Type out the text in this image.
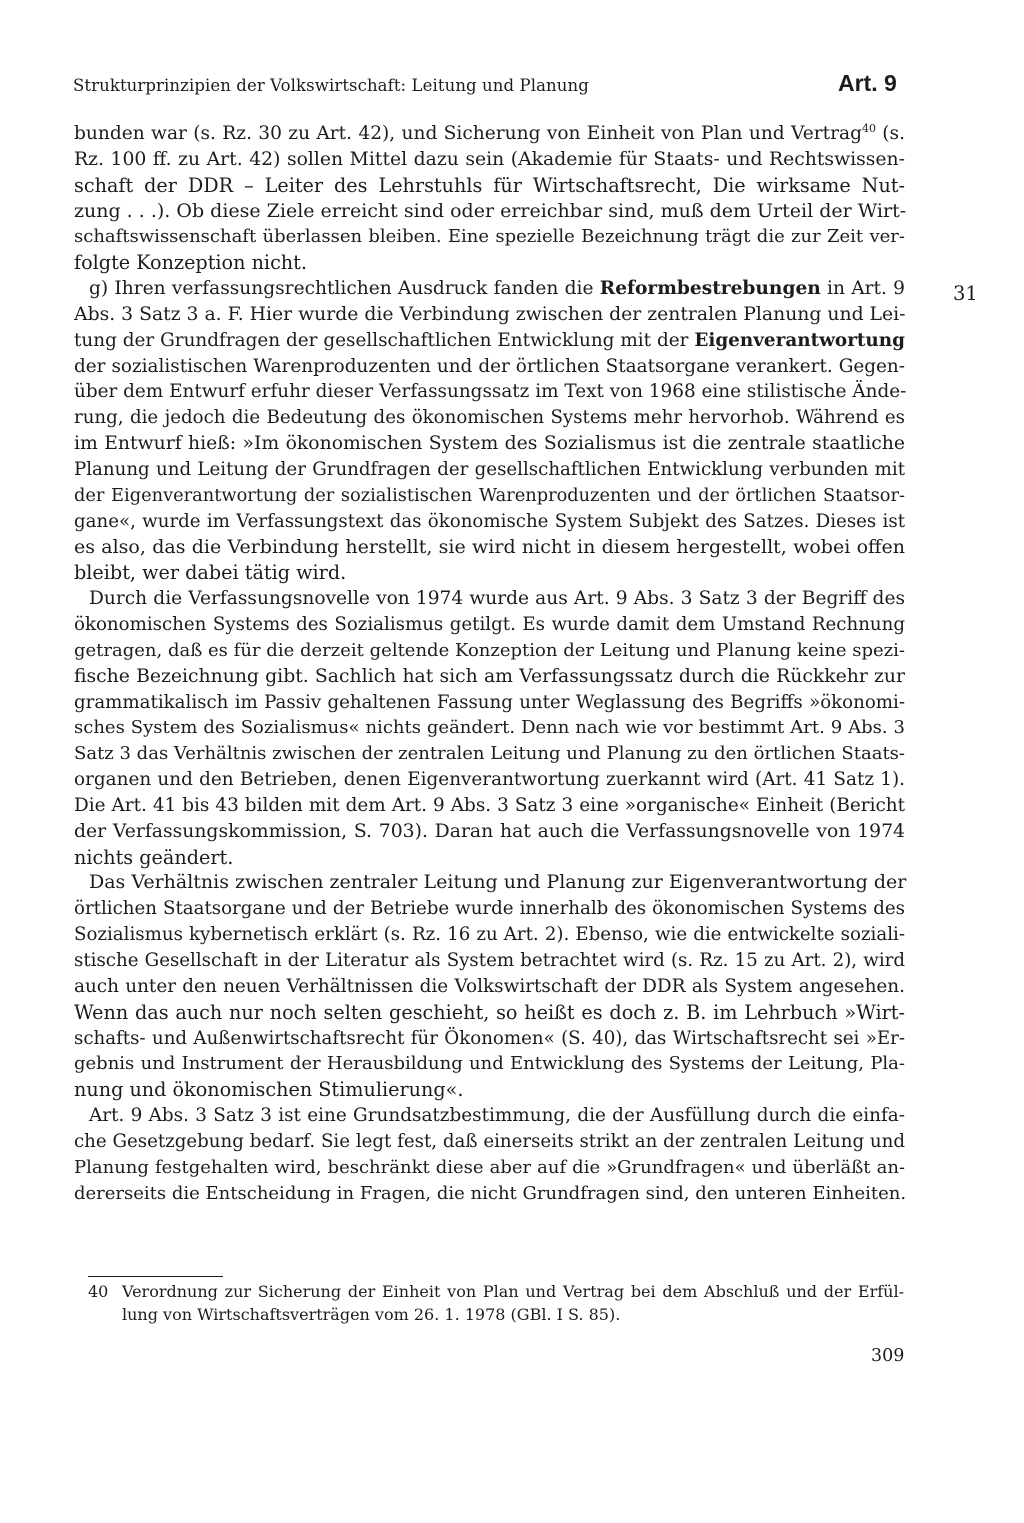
Strukturprinzipien der Volkswirtschaft: Leitung und Planung	Art. 9
bunden war (s. Rz. 30 zu Art. 42), und Sicherung von Einheit von Plan und Vertrag$^{40}$ (s.
Rz. 100 ff. zu Art. 42) sollen Mittel dazu sein (Akademie für Staats- und Rechtswissen-
schaft der DDR – Leiter des Lehrstuhls für Wirtschaftsrecht, Die wirksame Nut-
zung . . .). Ob diese Ziele erreicht sind oder erreichbar sind, muß dem Urteil der Wirt-
schaftswissenschaft überlassen bleiben. Eine spezielle Bezeichnung trägt die zur Zeit ver-
folgte Konzeption nicht.
g) Ihren verfassungsrechtlichen Ausdruck fanden die Reformbestrebungen in Art. 9
Abs. 3 Satz 3 a. F. Hier wurde die Verbindung zwischen der zentralen Planung und Lei-
tung der Grundfragen der gesellschaftlichen Entwicklung mit der Eigenverantwortung
der sozialistischen Warenproduzenten und der örtlichen Staatsorgane verankert. Gegen-
über dem Entwurf erfuhr dieser Verfassungssatz im Text von 1968 eine stilistische Ände-
rung, die jedoch die Bedeutung des ökonomischen Systems mehr hervorhob. Während es
im Entwurf hieß: »Im ökonomischen System des Sozialismus ist die zentrale staatliche
Planung und Leitung der Grundfragen der gesellschaftlichen Entwicklung verbunden mit
der Eigenverantwortung der sozialistischen Warenproduzenten und der örtlichen Staatsor-
gane«, wurde im Verfassungstext das ökonomische System Subjekt des Satzes. Dieses ist
es also, das die Verbindung herstellt, sie wird nicht in diesem hergestellt, wobei offen
bleibt, wer dabei tätig wird.
Durch die Verfassungsnovelle von 1974 wurde aus Art. 9 Abs. 3 Satz 3 der Begriff des
ökonomischen Systems des Sozialismus getilgt. Es wurde damit dem Umstand Rechnung
getragen, daß es für die derzeit geltende Konzeption der Leitung und Planung keine spezi-
fische Bezeichnung gibt. Sachlich hat sich am Verfassungssatz durch die Rückkehr zur
grammatikalisch im Passiv gehaltenen Fassung unter Weglassung des Begriffs »ökonomi-
sches System des Sozialismus« nichts geändert. Denn nach wie vor bestimmt Art. 9 Abs. 3
Satz 3 das Verhältnis zwischen der zentralen Leitung und Planung zu den örtlichen Staats-
organen und den Betrieben, denen Eigenverantwortung zuerkannt wird (Art. 41 Satz 1).
Die Art. 41 bis 43 bilden mit dem Art. 9 Abs. 3 Satz 3 eine »organische« Einheit (Bericht
der Verfassungskommission, S. 703). Daran hat auch die Verfassungsnovelle von 1974
nichts geändert.
Das Verhältnis zwischen zentraler Leitung und Planung zur Eigenverantwortung der
örtlichen Staatsorgane und der Betriebe wurde innerhalb des ökonomischen Systems des
Sozialismus kybernetisch erklärt (s. Rz. 16 zu Art. 2). Ebenso, wie die entwickelte soziali-
stische Gesellschaft in der Literatur als System betrachtet wird (s. Rz. 15 zu Art. 2), wird
auch unter den neuen Verhältnissen die Volkswirtschaft der DDR als System angesehen.
Wenn das auch nur noch selten geschieht, so heißt es doch z. B. im Lehrbuch »Wirt-
schafts- und Außenwirtschaftsrecht für Ökonomen« (S. 40), das Wirtschaftsrecht sei »Er-
gebnis und Instrument der Herausbildung und Entwicklung des Systems der Leitung, Pla-
nung und ökonomischen Stimulierung«.
Art. 9 Abs. 3 Satz 3 ist eine Grundsatzbestimmung, die der Ausfüllung durch die einfa-
che Gesetzgebung bedarf. Sie legt fest, daß einerseits strikt an der zentralen Leitung und
Planung festgehalten wird, beschränkt diese aber auf die »Grundfragen« und überläßt an-
dererseits die Entscheidung in Fragen, die nicht Grundfragen sind, den unteren Einheiten.
31
40 Verordnung zur Sicherung der Einheit von Plan und Vertrag bei dem Abschluß und der Erfül-
lung von Wirtschaftsverträgen vom 26. 1. 1978 (GBl. I S. 85).
309
